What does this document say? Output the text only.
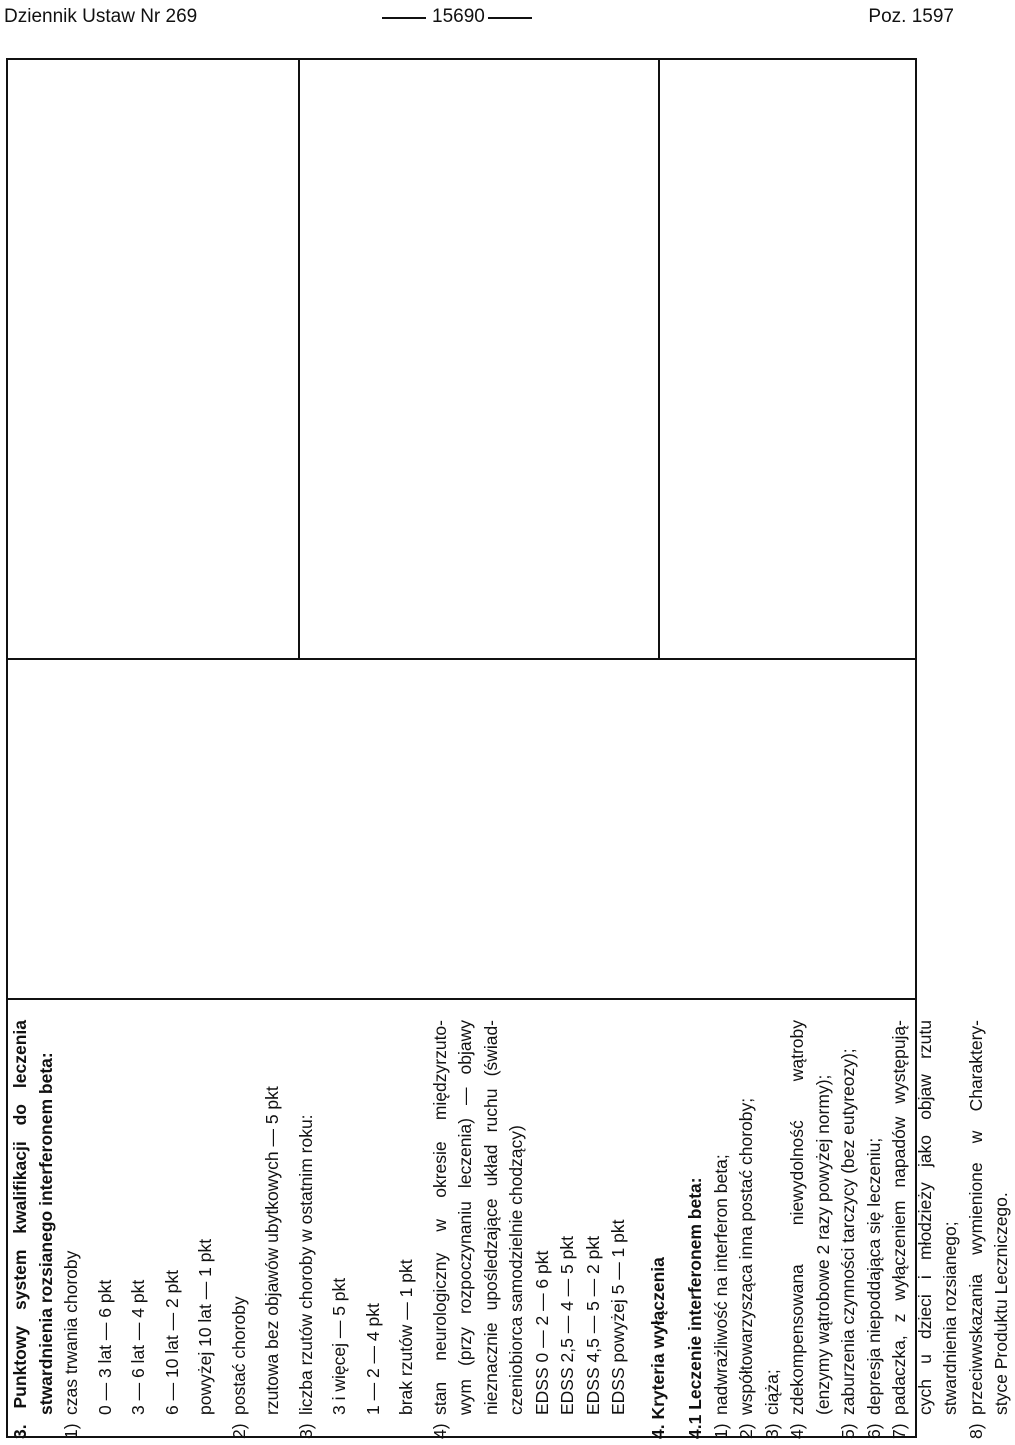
Dziennik Ustaw Nr 269	15690	Poz. 1597
3. Punktowy system kwalifikacji do leczenia stwardnienia rozsianego interferonem beta:
1)
czas trwania choroby 0 — 3 lat — 6 pkt 3 — 6 lat — 4 pkt 6 — 10 lat — 2 pkt powyżej 10 lat — 1 pkt
2)
postać choroby rzutowa bez objawów ubytkowych — 5 pkt
3)
liczba rzutów choroby w ostatnim roku: 3 i więcej — 5 pkt 1 — 2 — 4 pkt brak rzutów — 1 pkt
4)
stan neurologiczny w okresie międzyrzuto- wym (przy rozpoczynaniu leczenia) — objawy nieznacznie upośledzające układ ruchu (świad- czeniobiorca samodzielnie chodzący) EDSS 0 — 2 — 6 pkt EDSS 2,5 — 4 — 5 pkt EDSS 4,5 — 5 — 2 pkt EDSS powyżej 5 — 1 pkt 4. Kryteria wyłączenia 4.1 Leczenie interferonem beta: 1)
nadwrażliwość na interferon beta;
2)
współtowarzysząca inna postać choroby;
3)
ciąża;
4)
zdekompensowana niewydolność wątroby (enzymy wątrobowe 2 razy powyżej normy);
5)
zaburzenia czynności tarczycy (bez eutyreozy);
6)
depresja niepoddająca się leczeniu;
7)
padaczka, z wyłączeniem napadów występują- cych u dzieci i młodzieży jako objaw rzutu stwardnienia rozsianego;
8)
przeciwwskazania wymienione w Charaktery- styce Produktu Leczniczego.
